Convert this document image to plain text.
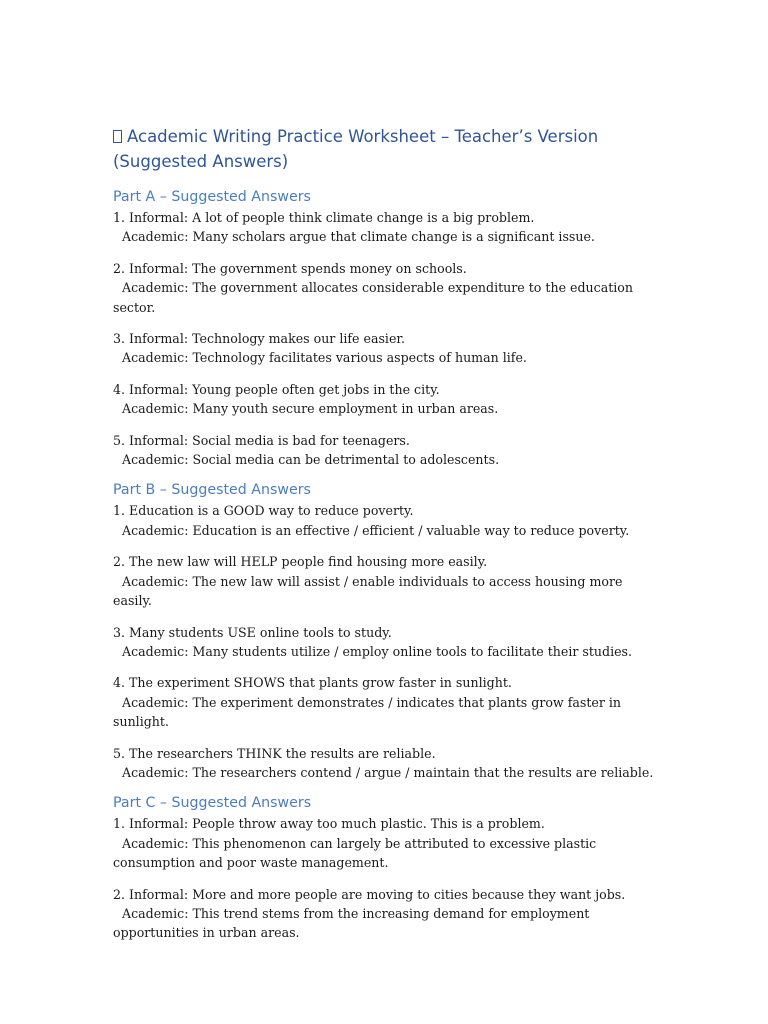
Academic Writing Practice Worksheet – Teacher’s Version (Suggested Answers)
Part A – Suggested Answers
1. Informal: A lot of people think climate change is a big problem.
Academic: Many scholars argue that climate change is a significant issue.
2. Informal: The government spends money on schools.
Academic: The government allocates considerable expenditure to the education sector.
3. Informal: Technology makes our life easier.
Academic: Technology facilitates various aspects of human life.
4. Informal: Young people often get jobs in the city.
Academic: Many youth secure employment in urban areas.
5. Informal: Social media is bad for teenagers.
Academic: Social media can be detrimental to adolescents.
Part B – Suggested Answers
1. Education is a GOOD way to reduce poverty.
Academic: Education is an effective / efficient / valuable way to reduce poverty.
2. The new law will HELP people find housing more easily.
Academic: The new law will assist / enable individuals to access housing more easily.
3. Many students USE online tools to study.
Academic: Many students utilize / employ online tools to facilitate their studies.
4. The experiment SHOWS that plants grow faster in sunlight.
Academic: The experiment demonstrates / indicates that plants grow faster in sunlight.
5. The researchers THINK the results are reliable.
Academic: The researchers contend / argue / maintain that the results are reliable.
Part C – Suggested Answers
1. Informal: People throw away too much plastic. This is a problem.
Academic: This phenomenon can largely be attributed to excessive plastic consumption and poor waste management.
2. Informal: More and more people are moving to cities because they want jobs.
Academic: This trend stems from the increasing demand for employment opportunities in urban areas.
